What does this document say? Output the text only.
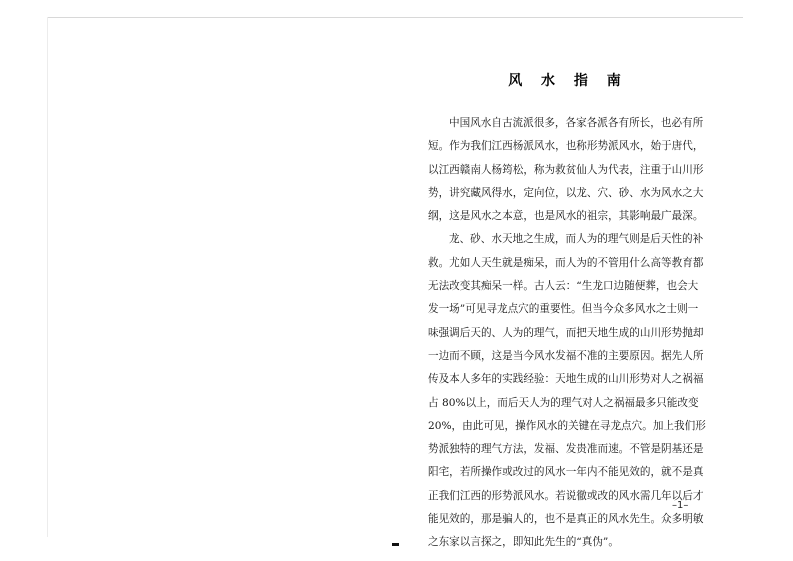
风 水 指 南
中国风水自古流派很多，各家各派各有所长，也必有所
短。作为我们江西杨派风水，也称形势派风水，始于唐代，
以江西赣南人杨筠松，称为救贫仙人为代表，注重于山川形
势，讲究藏风得水，定向位，以龙、穴、砂、水为风水之大
纲，这是风水之本意，也是风水的祖宗，其影响最广最深。
龙、砂、水天地之生成，而人为的理气则是后天性的补
救。尤如人天生就是痴呆，而人为的不管用什么高等教育都
无法改变其痴呆一样。古人云：“生龙口边随便葬，也会大
发一场”可见寻龙点穴的重要性。但当今众多风水之士则一
味强调后天的、人为的理气，而把天地生成的山川形势抛却
一边而不顾，这是当今风水发福不准的主要原因。据先人所
传及本人多年的实践经验：天地生成的山川形势对人之祸福
占 80%以上，而后天人为的理气对人之祸福最多只能改变
20%，由此可见，操作风水的关键在寻龙点穴。加上我们形
势派独特的理气方法，发福、发贵准而速。不管是阴基还是
阳宅，若所操作或改过的风水一年内不能见效的，就不是真
正我们江西的形势派风水。若说徹或改的风水需几年以后才
能见效的，那是骗人的，也不是真正的风水先生。众多明敏
之东家以言探之，即知此先生的“真伪”。
–1–
